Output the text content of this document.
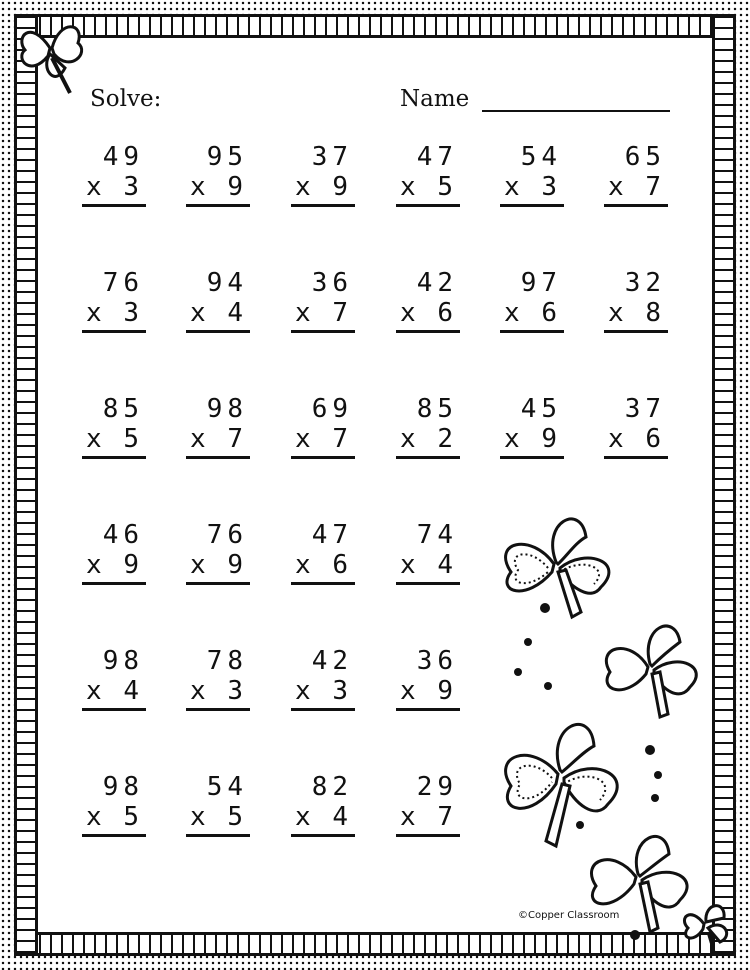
Solve:	Name
49
x 3
95
x 9
37
x 9
47
x 5
54
x 3
65
x 7
76
x 3
94
x 4
36
x 7
42
x 6
97
x 6
32
x 8
85
x 5
98
x 7
69
x 7
85
x 2
45
x 9
37
x 6
46
x 9
76
x 9
47
x 6
74
x 4
98
x 4
78
x 3
42
x 3
36
x 9
98
x 5
54
x 5
82
x 4
29
x 7
©Copper Classroom
